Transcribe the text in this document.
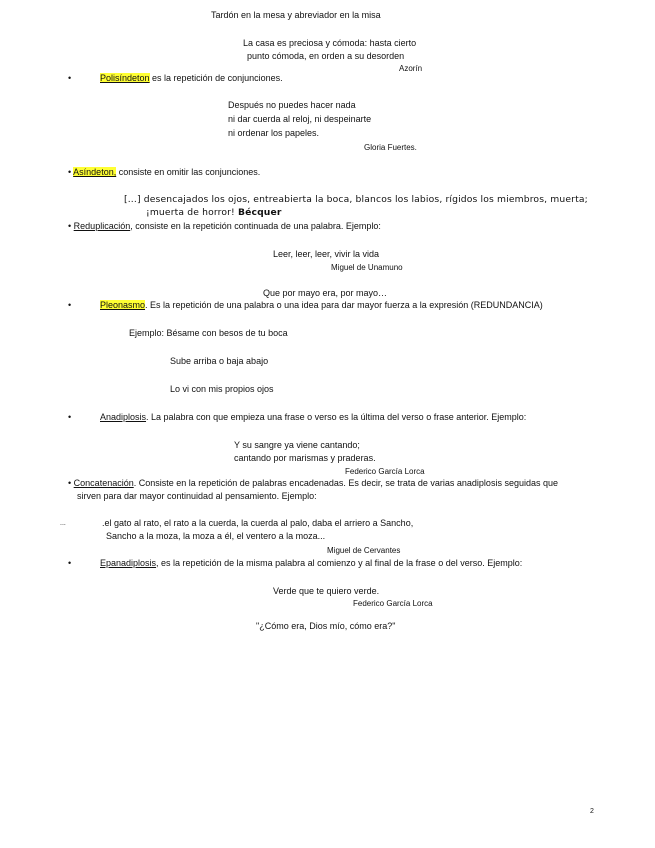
Tardón en la mesa y abreviador en la misa
La casa es preciosa y cómoda: hasta cierto
punto cómoda, en orden a su desorden
Azorín
•	Polisíndeton es la repetición de conjunciones.
Después no puedes hacer nada
ni dar cuerda al reloj, ni despeinarte
ni ordenar los papeles.
Gloria Fuertes.
• Asíndeton, consiste en omitir las conjunciones.
[...] desencajados los ojos, entreabierta la boca, blancos los labios, rígidos los miembros, muerta;
¡muerta de horror! Bécquer
• Reduplicación, consiste en la repetición continuada de una palabra. Ejemplo:
Leer, leer, leer, vivir la vida
Miguel de Unamuno
Que por mayo era, por mayo…
•	Pleonasmo. Es la repetición de una palabra o una idea para dar mayor fuerza a la expresión (REDUNDANCIA)
Ejemplo: Bésame con besos de tu boca
Sube arriba o baja abajo
Lo vi con mis propios ojos
•	Anadiplosis. La palabra con que empieza una frase o verso es la última del verso o frase anterior. Ejemplo:
Y su sangre ya viene cantando;
cantando por marismas y praderas.
Federico García Lorca
• Concatenación. Consiste en la repetición de palabras encadenadas. Es decir, se trata de varias anadiplosis seguidas que
sirven para dar mayor continuidad al pensamiento. Ejemplo:
...	.el gato al rato, el rato a la cuerda, la cuerda al palo, daba el arriero a Sancho,
Sancho a la moza, la moza a él, el ventero a la moza...
Miguel de Cervantes
•	Epanadiplosis, es la repetición de la misma palabra al comienzo y al final de la frase o del verso. Ejemplo:
Verde que te quiero verde.
Federico García Lorca
"¿Cómo era, Dios mío, cómo era?"
2
